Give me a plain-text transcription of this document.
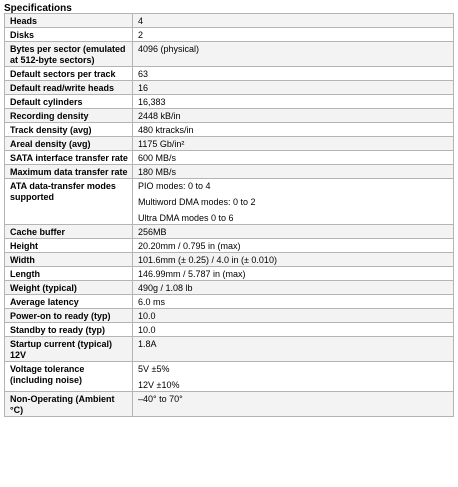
Specifications
Heads	4

Disks	2

Bytes per sector (emulated at 512-byte sectors)	4096 (physical)

Default sectors per track	63

Default read/write heads	16

Default cylinders	16,383

Recording density	2448 kB/in

Track density (avg)	480 ktracks/in

Areal density (avg)	1175 Gb/in²

SATA interface transfer rate	600 MB/s

Maximum data transfer rate	180 MB/s

ATA data-transfer modes supported	PIO modes: 0 to 4
Multiword DMA modes: 0 to 2
Ultra DMA modes 0 to 6

Cache buffer	256MB

Height	20.20mm / 0.795 in (max)

Width	101.6mm (± 0.25) / 4.0 in (± 0.010)

Length	146.99mm / 5.787 in (max)

Weight (typical)	490g / 1.08 lb

Average latency	6.0 ms

Power-on to ready (typ)	10.0

Standby to ready (typ)	10.0

Startup current (typical) 12V	1.8A

Voltage tolerance (including noise)	5V ±5%
12V ±10%

Non-Operating (Ambient °C)	–40° to 70°
